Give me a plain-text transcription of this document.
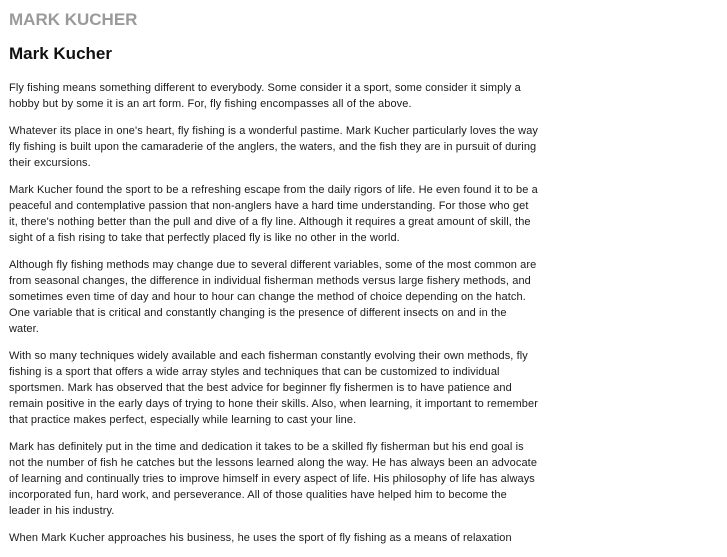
MARK KUCHER
Mark Kucher

Fly fishing means something different to everybody. Some consider it a sport, some consider it simply a hobby but by some it is an art form. For, fly fishing encompasses all of the above.

Whatever its place in one's heart, fly fishing is a wonderful pastime. Mark Kucher particularly loves the way fly fishing is built upon the camaraderie of the anglers, the waters, and the fish they are in pursuit of during their excursions.

Mark Kucher found the sport to be a refreshing escape from the daily rigors of life. He even found it to be a peaceful and contemplative passion that non-anglers have a hard time understanding. For those who get it, there's nothing better than the pull and dive of a fly line. Although it requires a great amount of skill, the sight of a fish rising to take that perfectly placed fly is like no other in the world.

Although fly fishing methods may change due to several different variables, some of the most common are from seasonal changes, the difference in individual fisherman methods versus large fishery methods, and sometimes even time of day and hour to hour can change the method of choice depending on the hatch. One variable that is critical and constantly changing is the presence of different insects on and in the water.

With so many techniques widely available and each fisherman constantly evolving their own methods, fly fishing is a sport that offers a wide array styles and techniques that can be customized to individual sportsmen. Mark has observed that the best advice for beginner fly fishermen is to have patience and remain positive in the early days of trying to hone their skills. Also, when learning, it important to remember that practice makes perfect, especially while learning to cast your line.

Mark has definitely put in the time and dedication it takes to be a skilled fly fisherman but his end goal is not the number of fish he catches but the lessons learned along the way. He has always been an advocate of learning and continually tries to improve himself in every aspect of life. His philosophy of life has always incorporated fun, hard work, and perseverance. All of those qualities have helped him to become the leader in his industry.

When Mark Kucher approaches his business, he uses the sport of fly fishing as a means of relaxation
